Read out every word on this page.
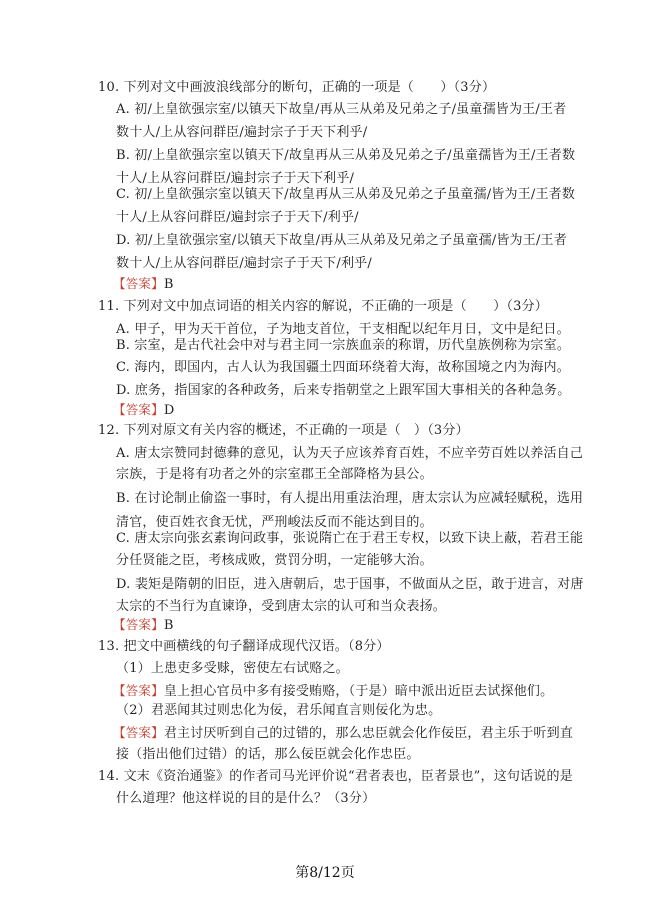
10. 下列对文中画波浪线部分的断句，正确的一项是（　　）（3分）
A. 初/上皇欲强宗室/以镇天下故皇/再从三从弟及兄弟之子/虽童孺皆为王/王者
数十人/上从容问群臣/遍封宗子于天下利乎/
B. 初/上皇欲强宗室以镇天下/故皇再从三从弟及兄弟之子/虽童孺皆为王/王者数
十人/上从容问群臣/遍封宗子于天下利乎/
C. 初/上皇欲强宗室以镇天下/故皇再从三从弟及兄弟之子虽童孺/皆为王/王者数
十人/上从容问群臣/遍封宗子于天下/利乎/
D. 初/上皇欲强宗室/以镇天下故皇/再从三从弟及兄弟之子虽童孺/皆为王/王者
数十人/上从容问群臣/遍封宗子于天下/利乎/
【答案】B
11. 下列对文中加点词语的相关内容的解说，不正确的一项是（　　）（3分）
A. 甲子，甲为天干首位，子为地支首位，干支相配以纪年月日，文中是纪日。
B. 宗室，是古代社会中对与君主同一宗族血亲的称谓，历代皇族例称为宗室。
C. 海内，即国内，古人认为我国疆土四面环绕着大海，故称国境之内为海内。
D. 庶务，指国家的各种政务，后来专指朝堂之上跟军国大事相关的各种急务。
【答案】D
12. 下列对原文有关内容的概述，不正确的一项是（　）（3分）
A. 唐太宗赞同封德彝的意见，认为天子应该养育百姓，不应辛劳百姓以养活自己
宗族，于是将有功者之外的宗室郡王全部降格为县公。
B. 在讨论制止偷盗一事时，有人提出用重法治理，唐太宗认为应减轻赋税，选用
清官，使百姓衣食无忧，严刑峻法反而不能达到目的。
C. 唐太宗向张玄素询问政事，张说隋亡在于君王专权，以致下诀上蔽，若君王能
分任贤能之臣，考核成败，赏罚分明，一定能够大治。
D. 裴矩是隋朝的旧臣，进入唐朝后，忠于国事，不做面从之臣，敢于进言，对唐
太宗的不当行为直谏诤，受到唐太宗的认可和当众表扬。
【答案】B
13. 把文中画横线的句子翻译成现代汉语。（8分）
（1）上患吏多受赇，密使左右试赂之。
【答案】皇上担心官员中多有接受贿赂，（于是）暗中派出近臣去试探他们。
（2）君恶闻其过则忠化为佞，君乐闻直言则佞化为忠。
【答案】君主讨厌听到自己的过错的，那么忠臣就会化作佞臣，君主乐于听到直
接（指出他们过错）的话，那么佞臣就会化作忠臣。
14. 文末《资治通鉴》的作者司马光评价说“君者表也，臣者景也”，这句话说的是
什么道理？他这样说的目的是什么？（3分）
第8/12页
